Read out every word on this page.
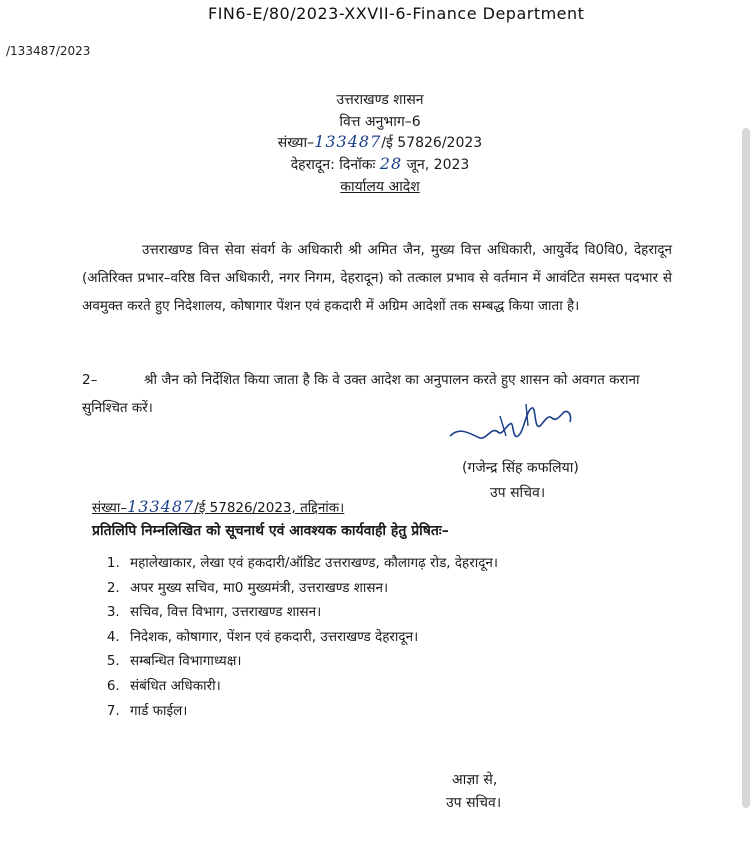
FIN6-E/80/2023-XXVII-6-Finance Department
/133487/2023
उत्तराखण्ड शासन
वित्त अनुभाग–6
संख्या–133487/ई 57826/2023
देहरादून: दिनॉकः 28 जून, 2023
कार्यालय आदेश

उत्तराखण्ड वित्त सेवा संवर्ग के अधिकारी श्री अमित जैन, मुख्य वित्त अधिकारी, आयुर्वेद वि0वि0, देहरादून (अतिरिक्त प्रभार–वरिष्ठ वित्त अधिकारी, नगर निगम, देहरादून) को तत्काल प्रभाव से वर्तमान में आवंटित समस्त पदभार से अवमुक्त करते हुए निदेशालय, कोषागार पेंशन एवं हकदारी में अग्रिम आदेशों तक सम्बद्ध किया जाता है।

2–	श्री जैन को निर्देशित किया जाता है कि वे उक्त आदेश का अनुपालन करते हुए शासन को अवगत कराना सुनिश्चित करें।
(गजेन्द्र सिंह कफलिया)
उप सचिव।
संख्या–133487/ई 57826/2023, तद्दिनांक।
प्रतिलिपि निम्नलिखित को सूचनार्थ एवं आवश्यक कार्यवाही हेतु प्रेषितः–
1. महालेखाकार, लेखा एवं हकदारी/ऑडिट उत्तराखण्ड, कौलागढ़ रोड, देहरादून।
2. अपर मुख्य सचिव, मा0 मुख्यमंत्री, उत्तराखण्ड शासन।
3. सचिव, वित्त विभाग, उत्तराखण्ड शासन।
4. निदेशक, कोषागार, पेंशन एवं हकदारी, उत्तराखण्ड देहरादून।
5. सम्बन्धित विभागाध्यक्ष।
6. संबंधित अधिकारी।
7. गार्ड फाईल।
आज्ञा से,
उप सचिव।
